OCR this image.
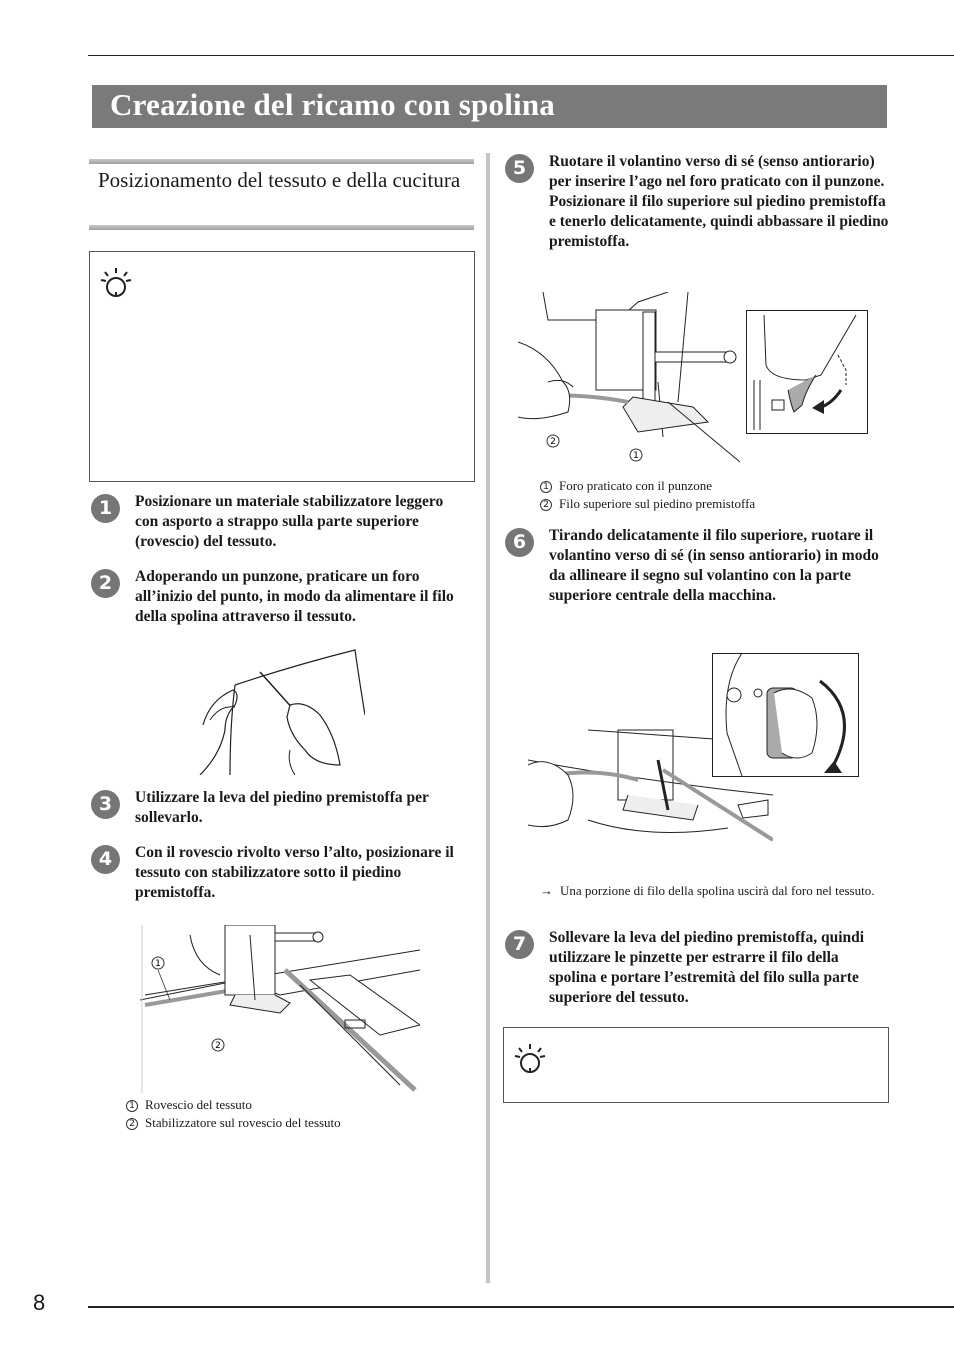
Creazione del ricamo con spolina
Posizionamento del tessuto e della cucitura
1	Posizionare un materiale stabilizzatore leggero con asporto a strappo sulla parte superiore (rovescio) del tessuto.
2	Adoperando un punzone, praticare un foro all’inizio del punto, in modo da alimentare il filo della spolina attraverso il tessuto.
3	Utilizzare la leva del piedino premistoffa per sollevarlo.
4	Con il rovescio rivolto verso l’alto, posizionare il tessuto con stabilizzatore sotto il piedino premistoffa.
1
2
1 Rovescio del tessuto
2 Stabilizzatore sul rovescio del tessuto
5	Ruotare il volantino verso di sé (senso antiorario) per inserire l’ago nel foro praticato con il punzone. Posizionare il filo superiore sul piedino premistoffa e tenerlo delicatamente, quindi abbassare il piedino premistoffa.
2
1
1 Foro praticato con il punzone
2 Filo superiore sul piedino premistoffa
6	Tirando delicatamente il filo superiore, ruotare il volantino verso di sé (in senso antiorario) in modo da allineare il segno sul volantino con la parte superiore centrale della macchina.
→ Una porzione di filo della spolina uscirà dal foro nel tessuto.
7	Sollevare la leva del piedino premistoffa, quindi utilizzare le pinzette per estrarre il filo della spolina e portare l’estremità del filo sulla parte superiore del tessuto.
8
